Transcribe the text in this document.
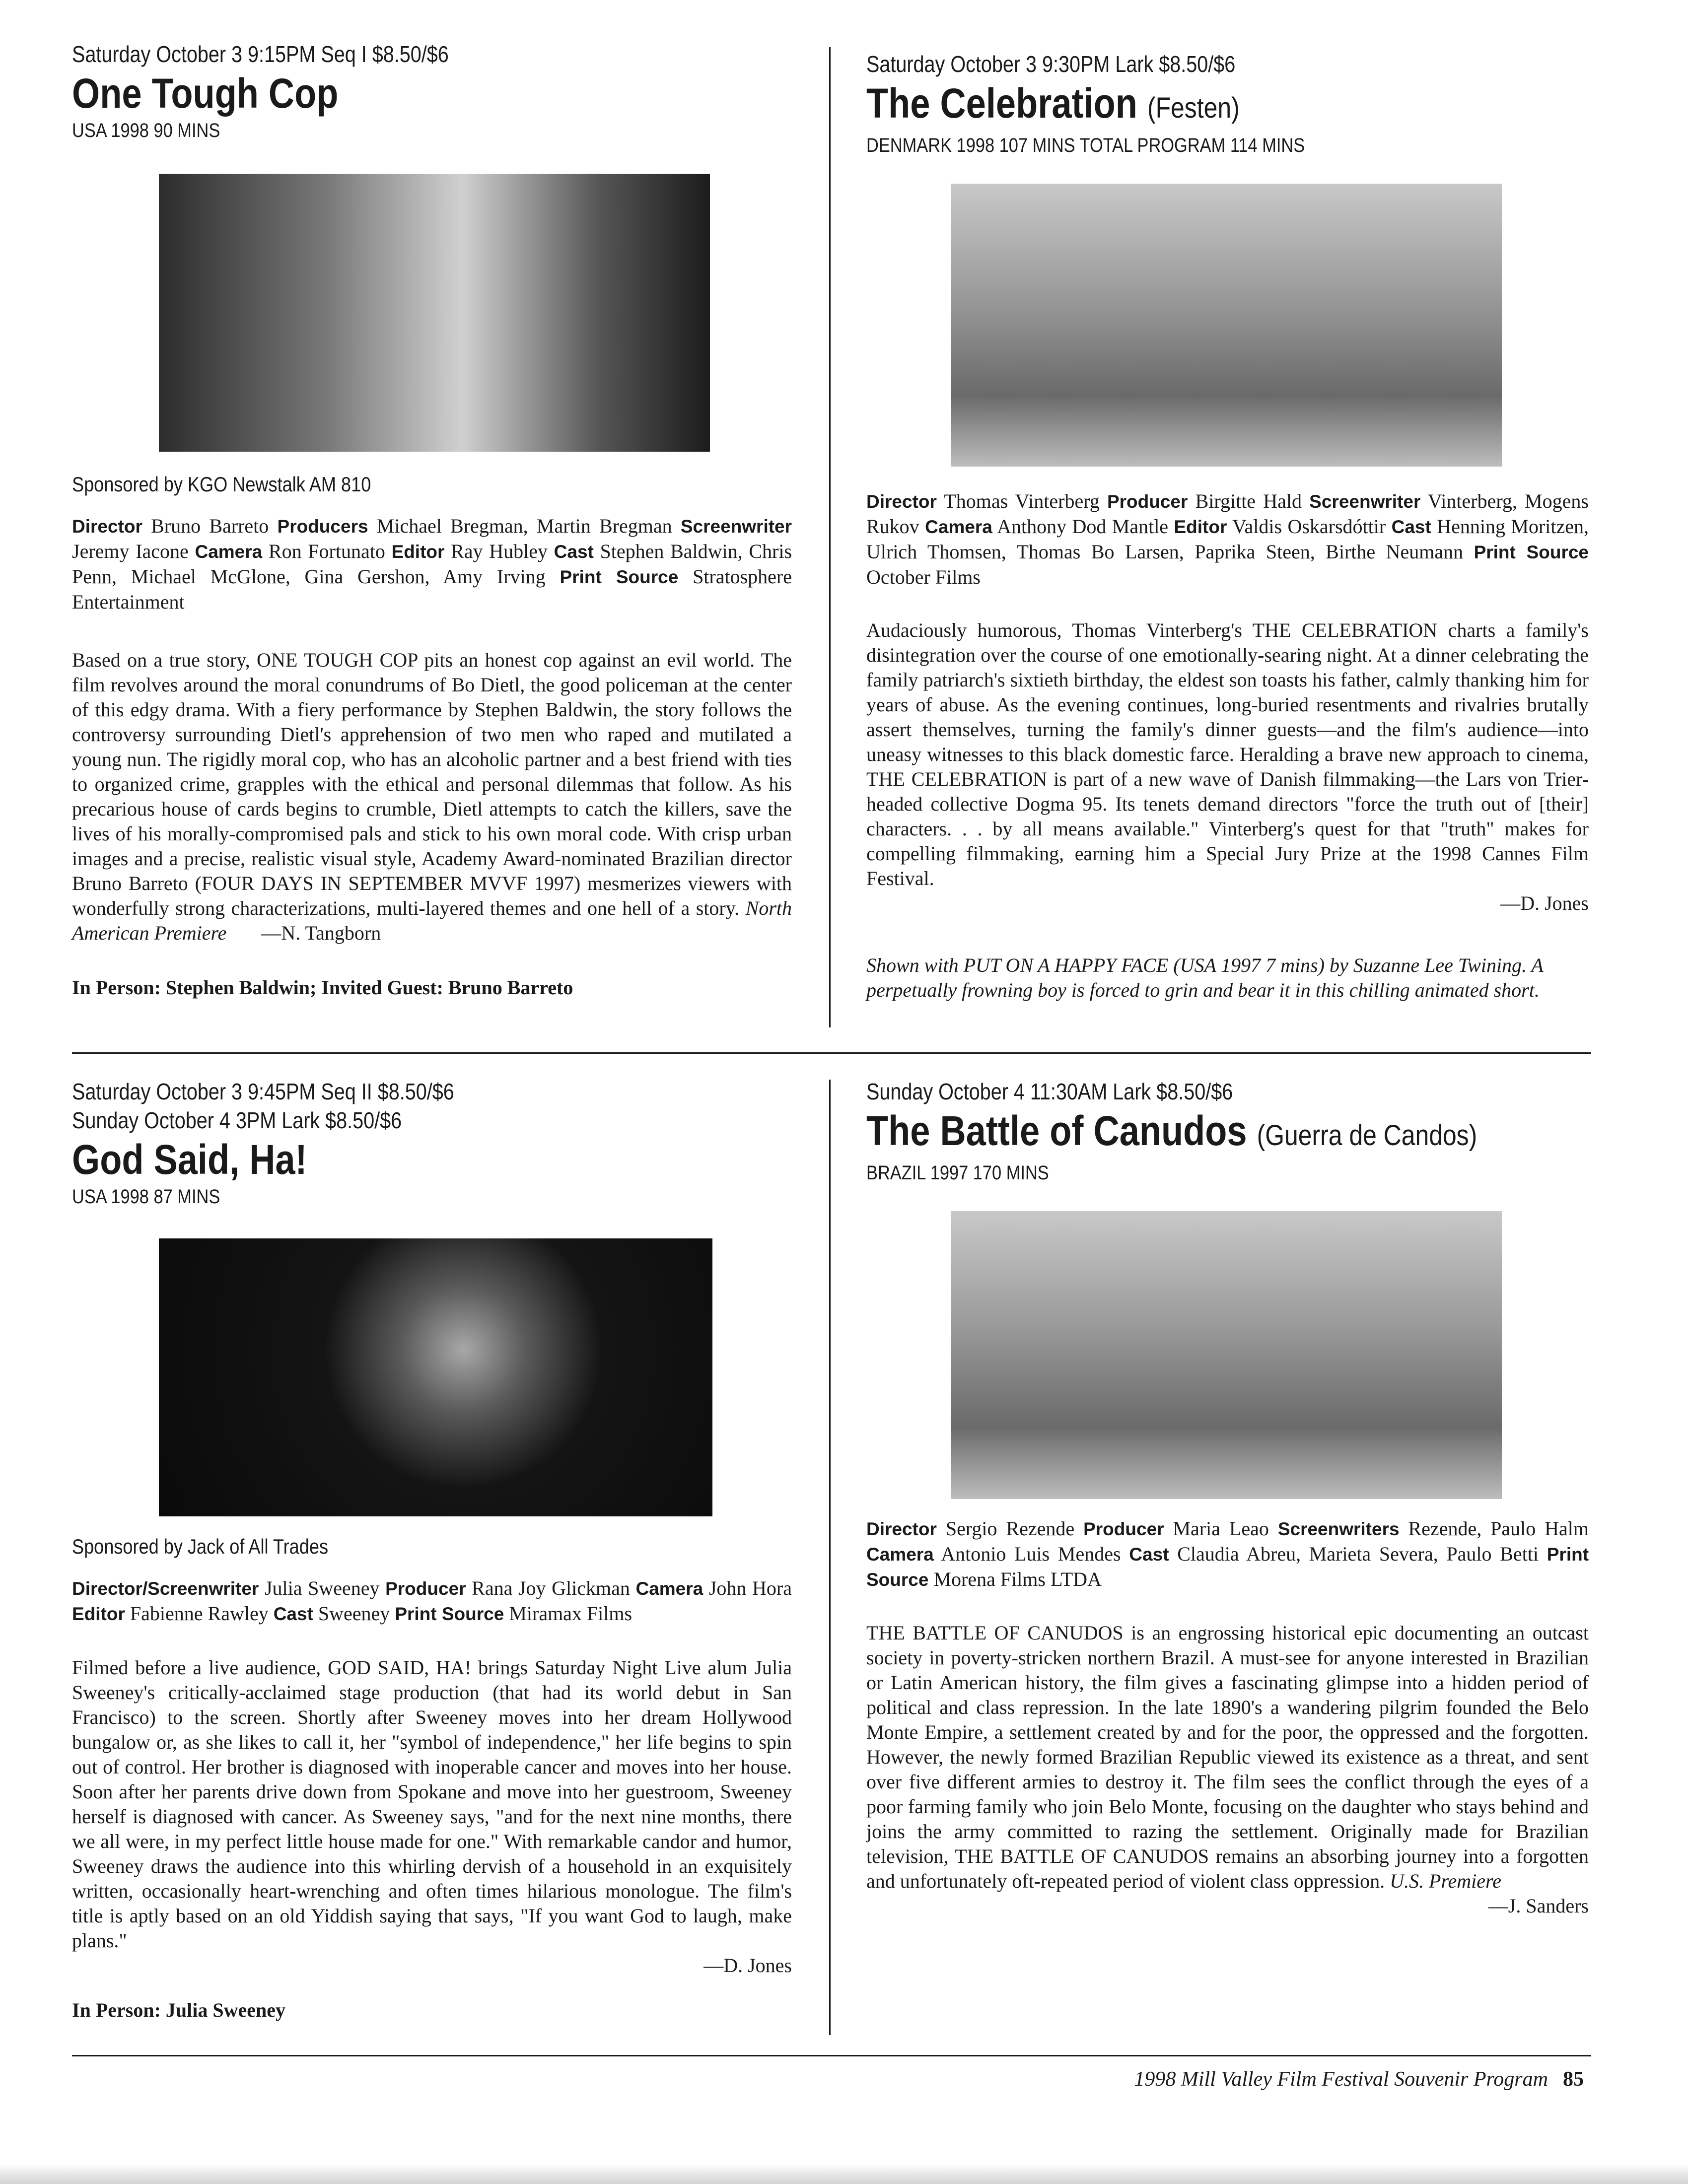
Saturday October 3 9:15PM Seq I $8.50/$6
One Tough Cop
USA 1998 90 MINS
Sponsored by KGO Newstalk AM 810
Director Bruno Barreto Producers Michael Bregman, Martin Bregman Screenwriter Jeremy Iacone Camera Ron Fortunato Editor Ray Hubley Cast Stephen Baldwin, Chris Penn, Michael McGlone, Gina Gershon, Amy Irving Print Source Stratosphere Entertainment
Based on a true story, ONE TOUGH COP pits an honest cop against an evil world. The film revolves around the moral conundrums of Bo Dietl, the good policeman at the center of this edgy drama. With a fiery performance by Stephen Baldwin, the story follows the controversy surrounding Dietl's apprehension of two men who raped and mutilated a young nun. The rigidly moral cop, who has an alcoholic partner and a best friend with ties to organized crime, grapples with the ethical and personal dilemmas that follow. As his precarious house of cards begins to crumble, Dietl attempts to catch the killers, save the lives of his morally-compromised pals and stick to his own moral code. With crisp urban images and a precise, realistic visual style, Academy Award-nominated Brazilian director Bruno Barreto (FOUR DAYS IN SEPTEMBER MVVF 1997) mesmerizes viewers with wonderfully strong characterizations, multi-layered themes and one hell of a story. North American Premiere —N. Tangborn
In Person: Stephen Baldwin; Invited Guest: Bruno Barreto
Saturday October 3 9:30PM Lark $8.50/$6
The Celebration (Festen)
DENMARK 1998 107 MINS TOTAL PROGRAM 114 MINS
Director Thomas Vinterberg Producer Birgitte Hald Screenwriter Vinterberg, Mogens Rukov Camera Anthony Dod Mantle Editor Valdis Oskarsdóttir Cast Henning Moritzen, Ulrich Thomsen, Thomas Bo Larsen, Paprika Steen, Birthe Neumann Print Source October Films
Audaciously humorous, Thomas Vinterberg's THE CELEBRATION charts a family's disintegration over the course of one emotionally-searing night. At a dinner celebrating the family patriarch's sixtieth birthday, the eldest son toasts his father, calmly thanking him for years of abuse. As the evening continues, long-buried resentments and rivalries brutally assert themselves, turning the family's dinner guests—and the film's audience—into uneasy witnesses to this black domestic farce. Heralding a brave new approach to cinema, THE CELEBRATION is part of a new wave of Danish filmmaking—the Lars von Trier-headed collective Dogma 95. Its tenets demand directors "force the truth out of [their] characters. . . by all means available." Vinterberg's quest for that "truth" makes for compelling filmmaking, earning him a Special Jury Prize at the 1998 Cannes Film Festival.
—D. Jones
Shown with PUT ON A HAPPY FACE (USA 1997 7 mins) by Suzanne Lee Twining. A perpetually frowning boy is forced to grin and bear it in this chilling animated short.
Saturday October 3 9:45PM Seq II $8.50/$6
Sunday October 4 3PM Lark $8.50/$6
God Said, Ha!
USA 1998 87 MINS
Sponsored by Jack of All Trades
Director/Screenwriter Julia Sweeney Producer Rana Joy Glickman Camera John Hora Editor Fabienne Rawley Cast Sweeney Print Source Miramax Films
Filmed before a live audience, GOD SAID, HA! brings Saturday Night Live alum Julia Sweeney's critically-acclaimed stage production (that had its world debut in San Francisco) to the screen. Shortly after Sweeney moves into her dream Hollywood bungalow or, as she likes to call it, her "symbol of independence," her life begins to spin out of control. Her brother is diagnosed with inoperable cancer and moves into her house. Soon after her parents drive down from Spokane and move into her guestroom, Sweeney herself is diagnosed with cancer. As Sweeney says, "and for the next nine months, there we all were, in my perfect little house made for one." With remarkable candor and humor, Sweeney draws the audience into this whirling dervish of a household in an exquisitely written, occasionally heart-wrenching and often times hilarious monologue. The film's title is aptly based on an old Yiddish saying that says, "If you want God to laugh, make plans."
—D. Jones
In Person: Julia Sweeney
Sunday October 4 11:30AM Lark $8.50/$6
The Battle of Canudos (Guerra de Candos)
BRAZIL 1997 170 MINS
Director Sergio Rezende Producer Maria Leao Screenwriters Rezende, Paulo Halm Camera Antonio Luis Mendes Cast Claudia Abreu, Marieta Severa, Paulo Betti Print Source Morena Films LTDA
THE BATTLE OF CANUDOS is an engrossing historical epic documenting an outcast society in poverty-stricken northern Brazil. A must-see for anyone interested in Brazilian or Latin American history, the film gives a fascinating glimpse into a hidden period of political and class repression. In the late 1890's a wandering pilgrim founded the Belo Monte Empire, a settlement created by and for the poor, the oppressed and the forgotten. However, the newly formed Brazilian Republic viewed its existence as a threat, and sent over five different armies to destroy it. The film sees the conflict through the eyes of a poor farming family who join Belo Monte, focusing on the daughter who stays behind and joins the army committed to razing the settlement. Originally made for Brazilian television, THE BATTLE OF CANUDOS remains an absorbing journey into a forgotten and unfortunately oft-repeated period of violent class oppression. U.S. Premiere
—J. Sanders
1998 Mill Valley Film Festival Souvenir Program 85
